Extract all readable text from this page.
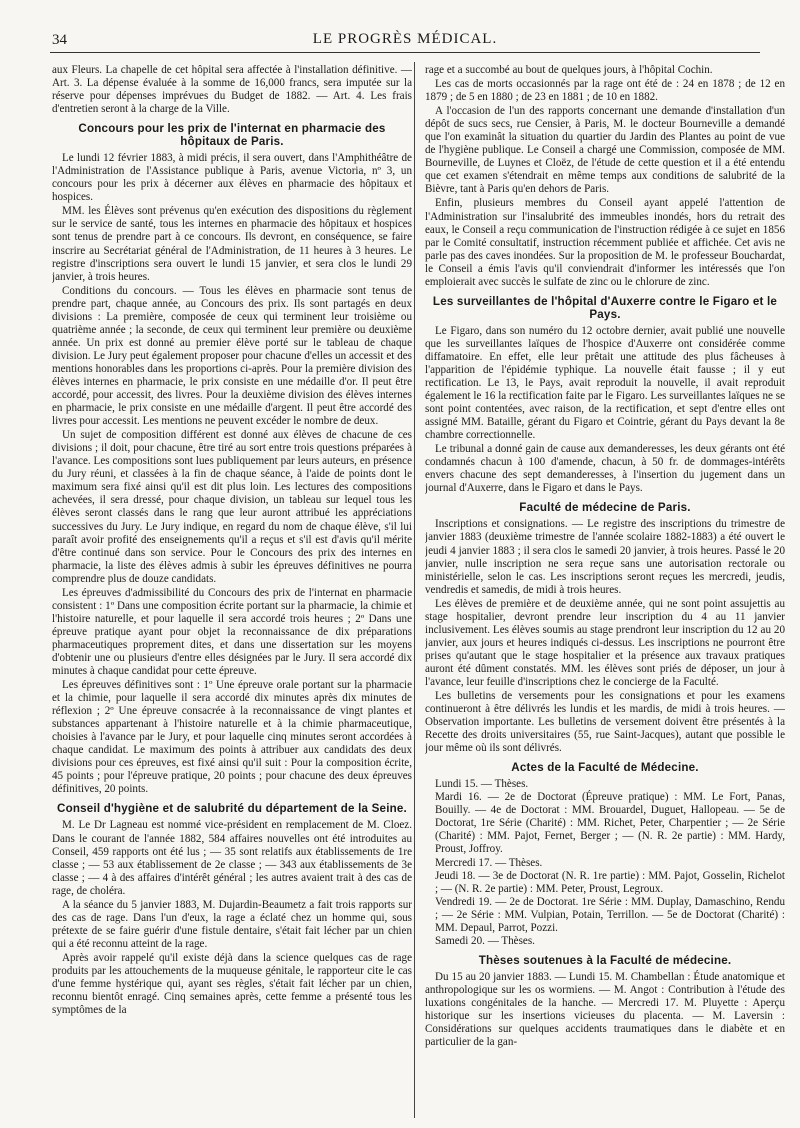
34	LE PROGRÈS MÉDICAL.

aux Fleurs. La chapelle de cet hôpital sera affectée à l'installation définitive. — Art. 3. La dépense évaluée à la somme de 16,000 francs, sera imputée sur la réserve pour dépenses imprévues du Budget de 1882. — Art. 4. Les frais d'entretien seront à la charge de la Ville.

Concours pour les prix de l'internat en pharmacie des hôpitaux de Paris.

Le lundi 12 février 1883, à midi précis, il sera ouvert, dans l'Amphithéâtre de l'Administration de l'Assistance publique à Paris, avenue Victoria, nº 3, un concours pour les prix à décerner aux élèves en pharmacie des hôpitaux et hospices.

MM. les Élèves sont prévenus qu'en exécution des dispositions du règlement sur le service de santé, tous les internes en pharmacie des hôpitaux et hospices sont tenus de prendre part à ce concours. Ils devront, en conséquence, se faire inscrire au Secrétariat général de l'Administration, de 11 heures à 3 heures. Le registre d'inscriptions sera ouvert le lundi 15 janvier, et sera clos le lundi 29 janvier, à trois heures.

Conditions du concours. — Tous les élèves en pharmacie sont tenus de prendre part, chaque année, au Concours des prix. Ils sont partagés en deux divisions : La première, composée de ceux qui terminent leur troisième ou quatrième année ; la seconde, de ceux qui terminent leur première ou deuxième année. Un prix est donné au premier élève porté sur le tableau de chaque division. Le Jury peut également proposer pour chacune d'elles un accessit et des mentions honorables dans les proportions ci-après. Pour la première division des élèves internes en pharmacie, le prix consiste en une médaille d'or. Il peut être accordé, pour accessit, des livres. Pour la deuxième division des élèves internes en pharmacie, le prix consiste en une médaille d'argent. Il peut être accordé des livres pour accessit. Les mentions ne peuvent excéder le nombre de deux.

Un sujet de composition différent est donné aux élèves de chacune de ces divisions ; il doit, pour chacune, être tiré au sort entre trois questions préparées à l'avance. Les compositions sont lues publiquement par leurs auteurs, en présence du Jury réuni, et classées à la fin de chaque séance, à l'aide de points dont le maximum sera fixé ainsi qu'il est dit plus loin. Les lectures des compositions achevées, il sera dressé, pour chaque division, un tableau sur lequel tous les élèves seront classés dans le rang que leur auront attribué les appréciations successives du Jury. Le Jury indique, en regard du nom de chaque élève, s'il lui paraît avoir profité des enseignements qu'il a reçus et s'il est d'avis qu'il mérite d'être continué dans son service. Pour le Concours des prix des internes en pharmacie, la liste des élèves admis à subir les épreuves définitives ne pourra comprendre plus de douze candidats.

Les épreuves d'admissibilité du Concours des prix de l'internat en pharmacie consistent : 1º Dans une composition écrite portant sur la pharmacie, la chimie et l'histoire naturelle, et pour laquelle il sera accordé trois heures ; 2º Dans une épreuve pratique ayant pour objet la reconnaissance de dix préparations pharmaceutiques proprement dites, et dans une dissertation sur les moyens d'obtenir une ou plusieurs d'entre elles désignées par le Jury. Il sera accordé dix minutes à chaque candidat pour cette épreuve.

Les épreuves définitives sont : 1º Une épreuve orale portant sur la pharmacie et la chimie, pour laquelle il sera accordé dix minutes après dix minutes de réflexion ; 2º Une épreuve consacrée à la reconnaissance de vingt plantes et substances appartenant à l'histoire naturelle et à la chimie pharmaceutique, choisies à l'avance par le Jury, et pour laquelle cinq minutes seront accordées à chaque candidat. Le maximum des points à attribuer aux candidats des deux divisions pour ces épreuves, est fixé ainsi qu'il suit : Pour la composition écrite, 45 points ; pour l'épreuve pratique, 20 points ; pour chacune des deux épreuves définitives, 20 points.

Conseil d'hygiène et de salubrité du département de la Seine.

M. Le Dr Lagneau est nommé vice-président en remplacement de M. Cloez. Dans le courant de l'année 1882, 584 affaires nouvelles ont été introduites au Conseil, 459 rapports ont été lus ; — 35 sont relatifs aux établissements de 1re classe ; — 53 aux établissement de 2e classe ; — 343 aux établissements de 3e classe ; — 4 à des affaires d'intérêt général ; les autres avaient trait à des cas de rage, de choléra.

A la séance du 5 janvier 1883, M. Dujardin-Beaumetz a fait trois rapports sur des cas de rage. Dans l'un d'eux, la rage a éclaté chez un homme qui, sous prétexte de se faire guérir d'une fistule dentaire, s'était fait lécher par un chien qui a été reconnu atteint de la rage.

Après avoir rappelé qu'il existe déjà dans la science quelques cas de rage produits par les attouchements de la muqueuse génitale, le rapporteur cite le cas d'une femme hystérique qui, ayant ses règles, s'était fait lécher par un chien, reconnu bientôt enragé. Cinq semaines après, cette femme a présenté tous les symptômes de la

rage et a succombé au bout de quelques jours, à l'hôpital Cochin.

Les cas de morts occasionnés par la rage ont été de : 24 en 1878 ; de 12 en 1879 ; de 5 en 1880 ; de 23 en 1881 ; de 10 en 1882.

A l'occasion de l'un des rapports concernant une demande d'installation d'un dépôt de sucs secs, rue Censier, à Paris, M. le docteur Bourneville a demandé que l'on examinât la situation du quartier du Jardin des Plantes au point de vue de l'hygiène publique. Le Conseil a chargé une Commission, composée de MM. Bourneville, de Luynes et Cloëz, de l'étude de cette question et il a été entendu que cet examen s'étendrait en même temps aux conditions de salubrité de la Bièvre, tant à Paris qu'en dehors de Paris.

Enfin, plusieurs membres du Conseil ayant appelé l'attention de l'Administration sur l'insalubrité des immeubles inondés, hors du retrait des eaux, le Conseil a reçu communication de l'instruction rédigée à ce sujet en 1856 par le Comité consultatif, instruction récemment publiée et affichée. Cet avis ne parle pas des caves inondées. Sur la proposition de M. le professeur Bouchardat, le Conseil a émis l'avis qu'il conviendrait d'informer les intéressés que l'on emploierait avec succès le sulfate de zinc ou le chlorure de zinc.

Les surveillantes de l'hôpital d'Auxerre contre le Figaro et le Pays.

Le Figaro, dans son numéro du 12 octobre dernier, avait publié une nouvelle que les surveillantes laïques de l'hospice d'Auxerre ont considérée comme diffamatoire. En effet, elle leur prêtait une attitude des plus fâcheuses à l'apparition de l'épidémie typhique. La nouvelle était fausse ; il y eut rectification. Le 13, le Pays, avait reproduit la nouvelle, il avait reproduit également le 16 la rectification faite par le Figaro. Les surveillantes laïques ne se sont point contentées, avec raison, de la rectification, et sept d'entre elles ont assigné MM. Bataille, gérant du Figaro et Cointrie, gérant du Pays devant la 8e chambre correctionnelle.

Le tribunal a donné gain de cause aux demanderesses, les deux gérants ont été condamnés chacun à 100 d'amende, chacun, à 50 fr. de dommages-intérêts envers chacune des sept demanderesses, à l'insertion du jugement dans un journal d'Auxerre, dans le Figaro et dans le Pays.

Faculté de médecine de Paris.

Inscriptions et consignations. — Le registre des inscriptions du trimestre de janvier 1883 (deuxième trimestre de l'année scolaire 1882-1883) a été ouvert le jeudi 4 janvier 1883 ; il sera clos le samedi 20 janvier, à trois heures. Passé le 20 janvier, nulle inscription ne sera reçue sans une autorisation rectorale ou ministérielle, selon le cas. Les inscriptions seront reçues les mercredi, jeudis, vendredis et samedis, de midi à trois heures.

Les élèves de première et de deuxième année, qui ne sont point assujettis au stage hospitalier, devront prendre leur inscription du 4 au 11 janvier inclusivement. Les élèves soumis au stage prendront leur inscription du 12 au 20 janvier, aux jours et heures indiqués ci-dessus. Les inscriptions ne pourront être prises qu'autant que le stage hospitalier et la présence aux travaux pratiques auront été dûment constatés. MM. les élèves sont priés de déposer, un jour à l'avance, leur feuille d'inscriptions chez le concierge de la Faculté.

Les bulletins de versements pour les consignations et pour les examens continueront à être délivrés les lundis et les mardis, de midi à trois heures. — Observation importante. Les bulletins de versement doivent être présentés à la Recette des droits universitaires (55, rue Saint-Jacques), autant que possible le jour même où ils sont délivrés.

Actes de la Faculté de Médecine.

Lundi 15. — Thèses.

Mardi 16. — 2e de Doctorat (Épreuve pratique) : MM. Le Fort, Panas, Bouilly. — 4e de Doctorat : MM. Brouardel, Duguet, Hallopeau. — 5e de Doctorat, 1re Série (Charité) : MM. Richet, Peter, Charpentier ; — 2e Série (Charité) : MM. Pajot, Fernet, Berger ; — (N. R. 2e partie) : MM. Hardy, Proust, Joffroy.

Mercredi 17. — Thèses.

Jeudi 18. — 3e de Doctorat (N. R. 1re partie) : MM. Pajot, Gosselin, Richelot ; — (N. R. 2e partie) : MM. Peter, Proust, Legroux.

Vendredi 19. — 2e de Doctorat. 1re Série : MM. Duplay, Damaschino, Rendu ; — 2e Série : MM. Vulpian, Potain, Terrillon. — 5e de Doctorat (Charité) : MM. Depaul, Parrot, Pozzi.

Samedi 20. — Thèses.

Thèses soutenues à la Faculté de médecine.

Du 15 au 20 janvier 1883. — Lundi 15. M. Chambellan : Étude anatomique et anthropologique sur les os wormiens. — M. Angot : Contribution à l'étude des luxations congénitales de la hanche. — Mercredi 17. M. Pluyette : Aperçu historique sur les insertions vicieuses du placenta. — M. Laversin : Considérations sur quelques accidents traumatiques dans le diabète et en particulier de la gan-
